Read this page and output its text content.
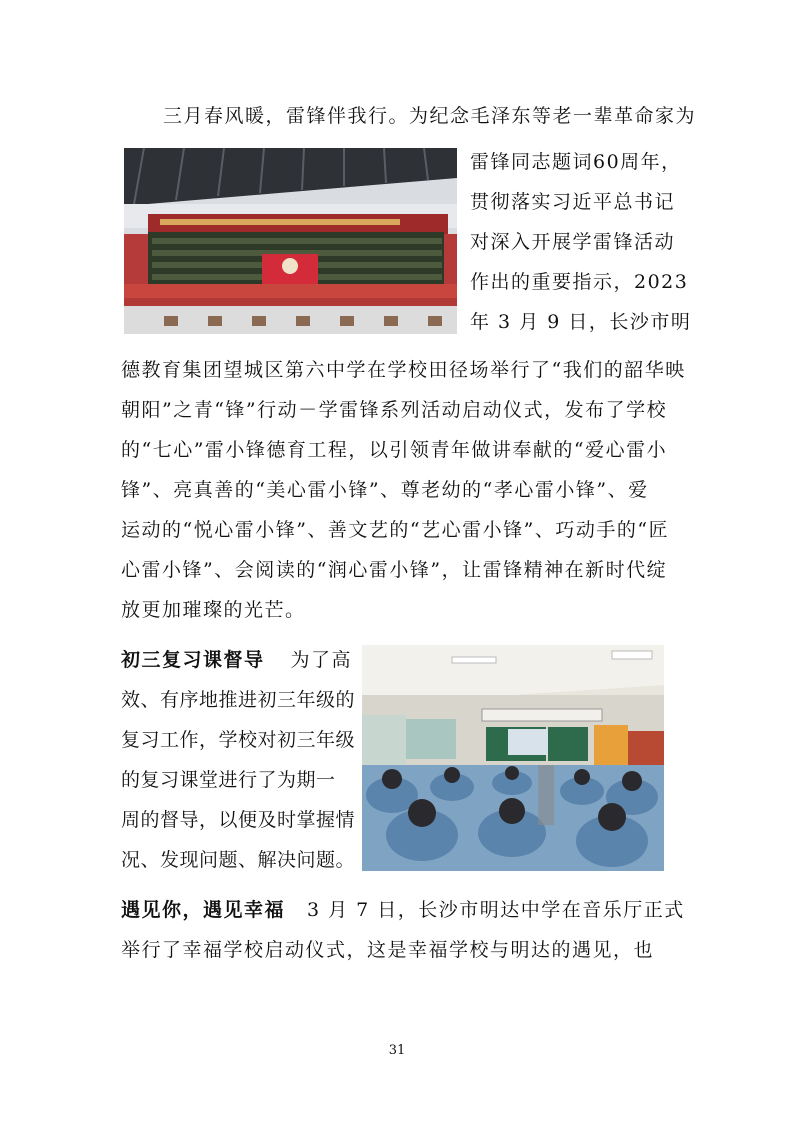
三月春风暖，雷锋伴我行。为纪念毛泽东等老一辈革命家为
雷锋同志题词60周年，
贯彻落实习近平总书记
对深入开展学雷锋活动
作出的重要指示，2023
年 3 月 9 日，长沙市明
德教育集团望城区第六中学在学校田径场举行了“我们的韶华映
朝阳”之青“锋”行动－学雷锋系列活动启动仪式，发布了学校
的“七心”雷小锋德育工程，以引领青年做讲奉献的“爱心雷小
锋”、亮真善的“美心雷小锋”、尊老幼的“孝心雷小锋”、爱
运动的“悦心雷小锋”、善文艺的“艺心雷小锋”、巧动手的“匠
心雷小锋”、会阅读的“润心雷小锋”，让雷锋精神在新时代绽
放更加璀璨的光芒。
初三复习课督导 为了高
效、有序地推进初三年级的
复习工作，学校对初三年级
的复习课堂进行了为期一
周的督导，以便及时掌握情
况、发现问题、解决问题。
遇见你，遇见幸福 3 月 7 日，长沙市明达中学在音乐厅正式
举行了幸福学校启动仪式，这是幸福学校与明达的遇见，也
31
